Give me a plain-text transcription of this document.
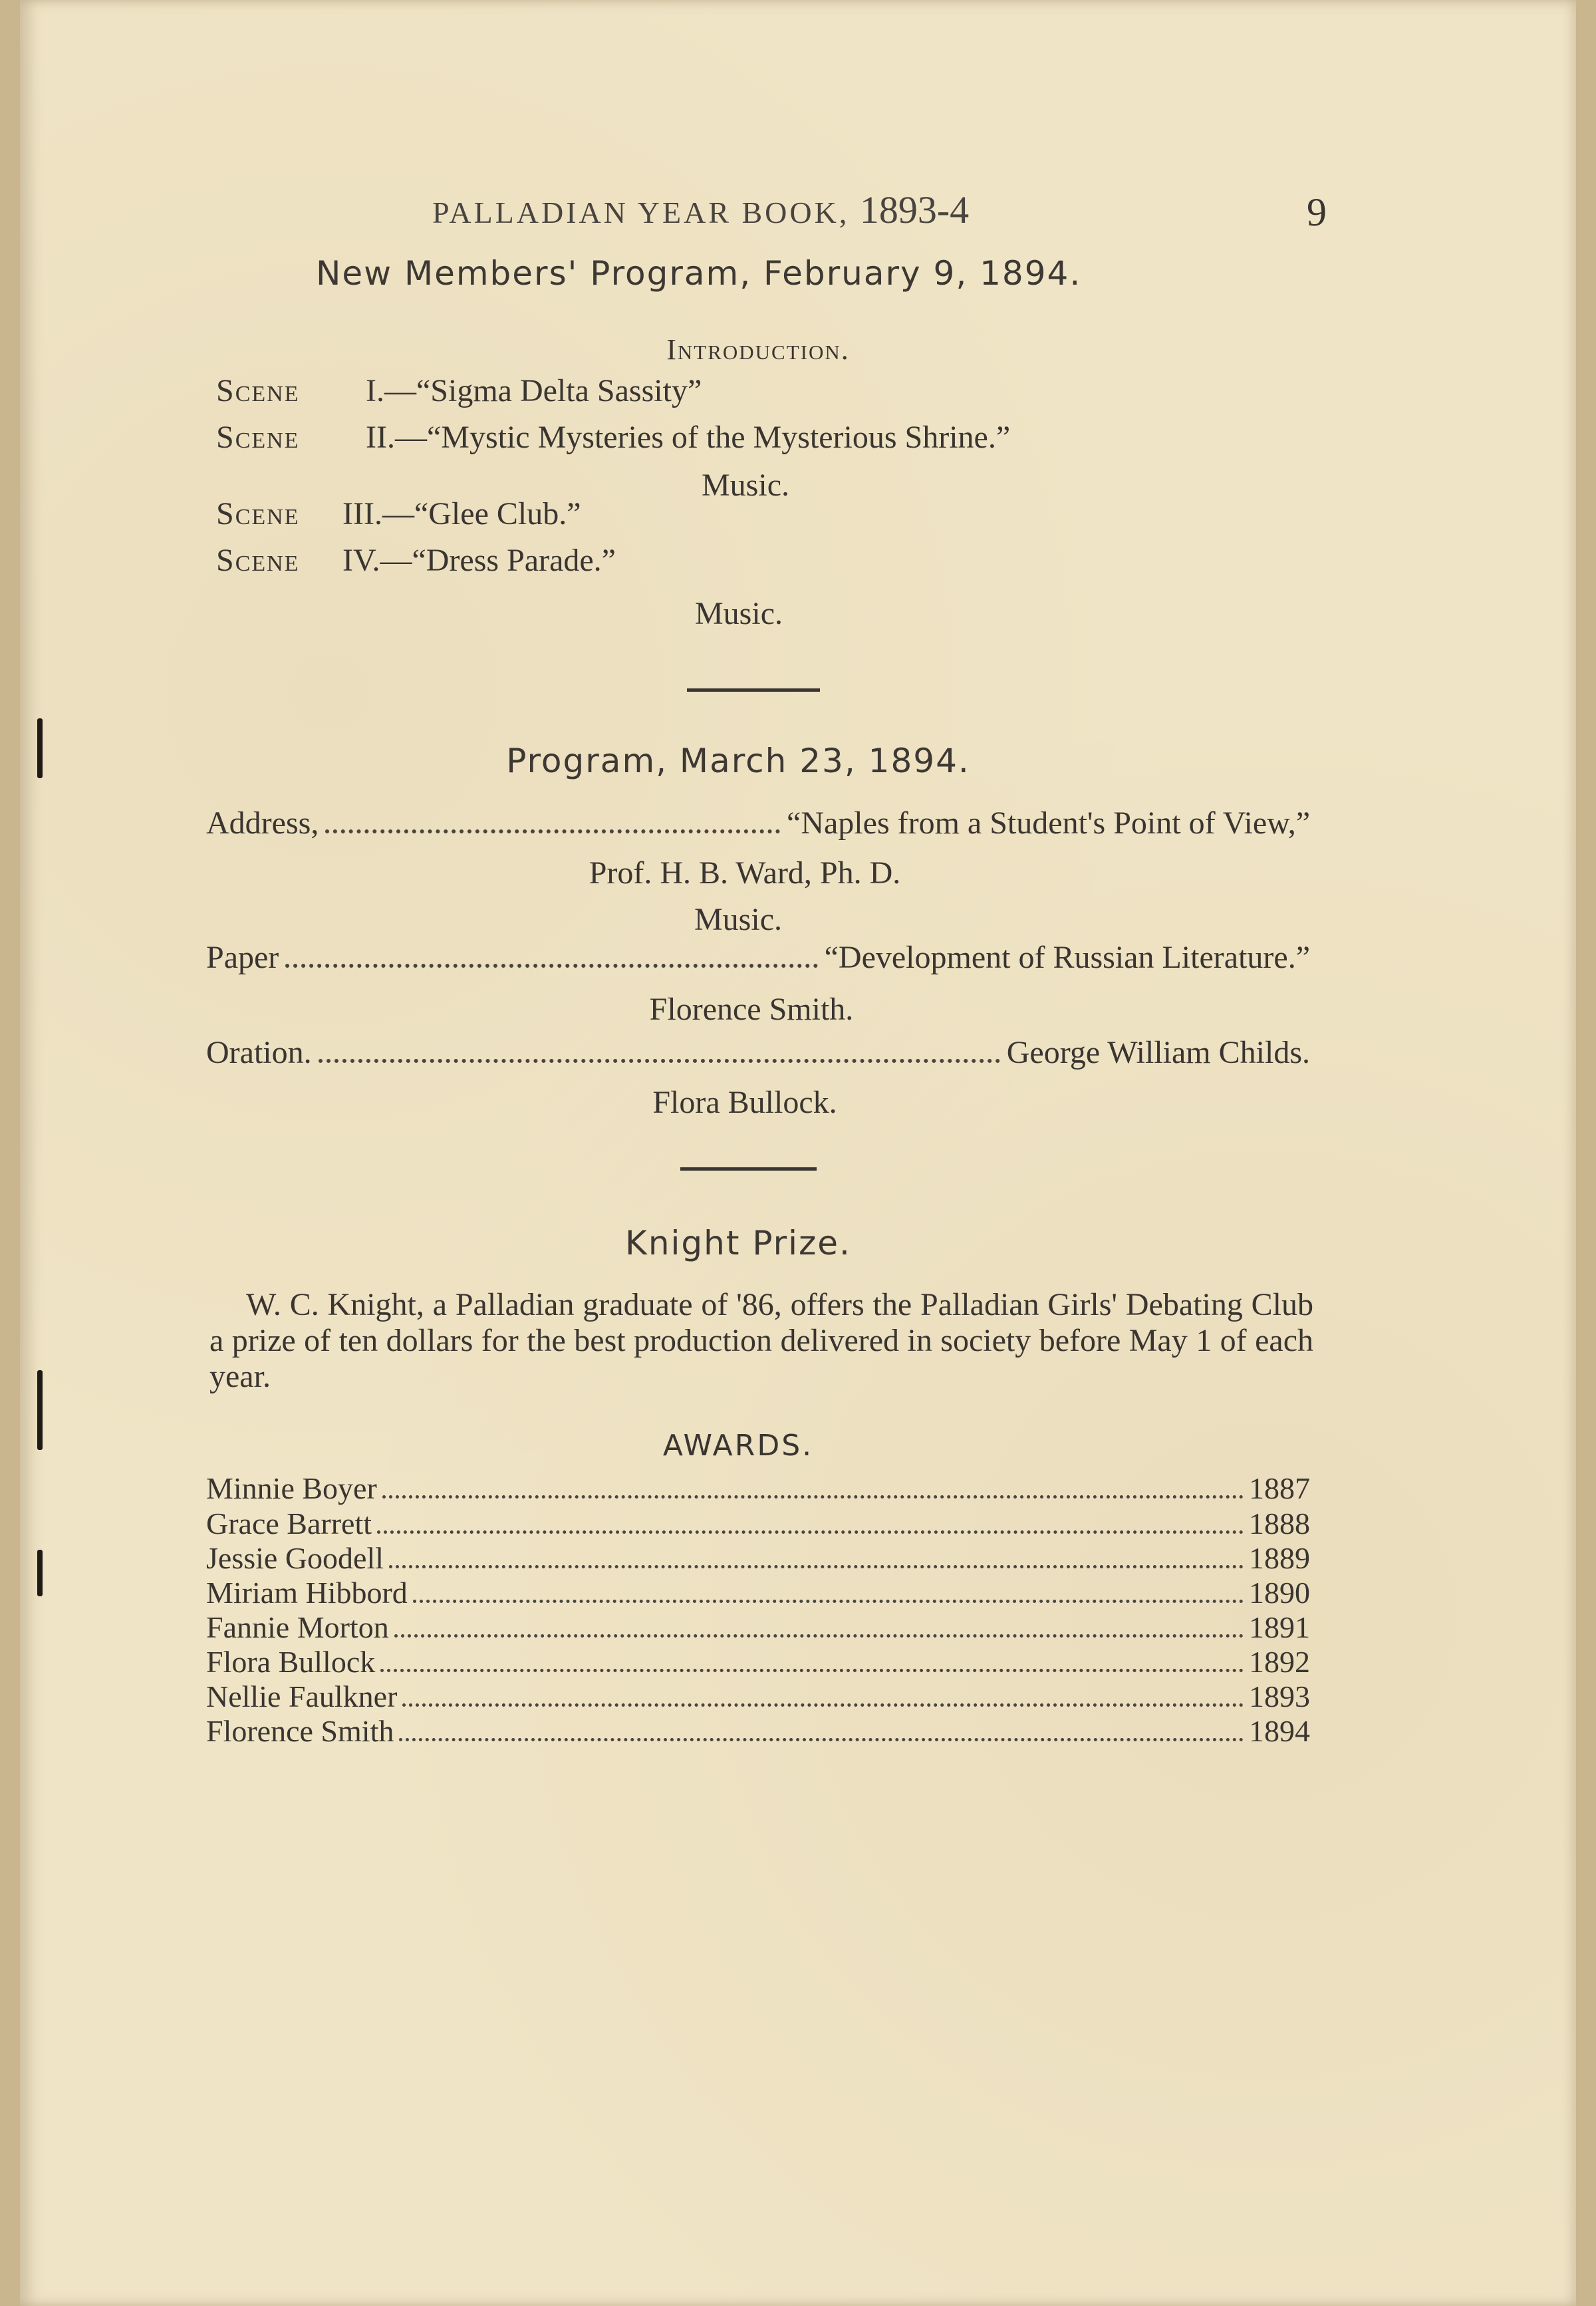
PALLADIAN YEAR BOOK, 1893-4	9
New Members' Program, February 9, 1894.
Introduction.
Scene I.—“Sigma Delta Sassity”
Scene II.—“Mystic Mysteries of the Mysterious Shrine.”
Music.
Scene III.—“Glee Club.”
Scene IV.—“Dress Parade.”
Music.
Program, March 23, 1894.
Address,	“Naples from a Student's Point of View,”
Prof. H. B. Ward, Ph. D.
Music.
Paper	“Development of Russian Literature.”
Florence Smith.
Oration.	George William Childs.
Flora Bullock.
Knight Prize.
W. C. Knight, a Palladian graduate of '86, offers the Palladian Girls' Debating Club a prize of ten dollars for the best production delivered in society before May 1 of each year.
AWARDS.
Minnie Boyer	1887
Grace Barrett	1888
Jessie Goodell	1889
Miriam Hibbord	1890
Fannie Morton	1891
Flora Bullock	1892
Nellie Faulkner	1893
Florence Smith	1894
